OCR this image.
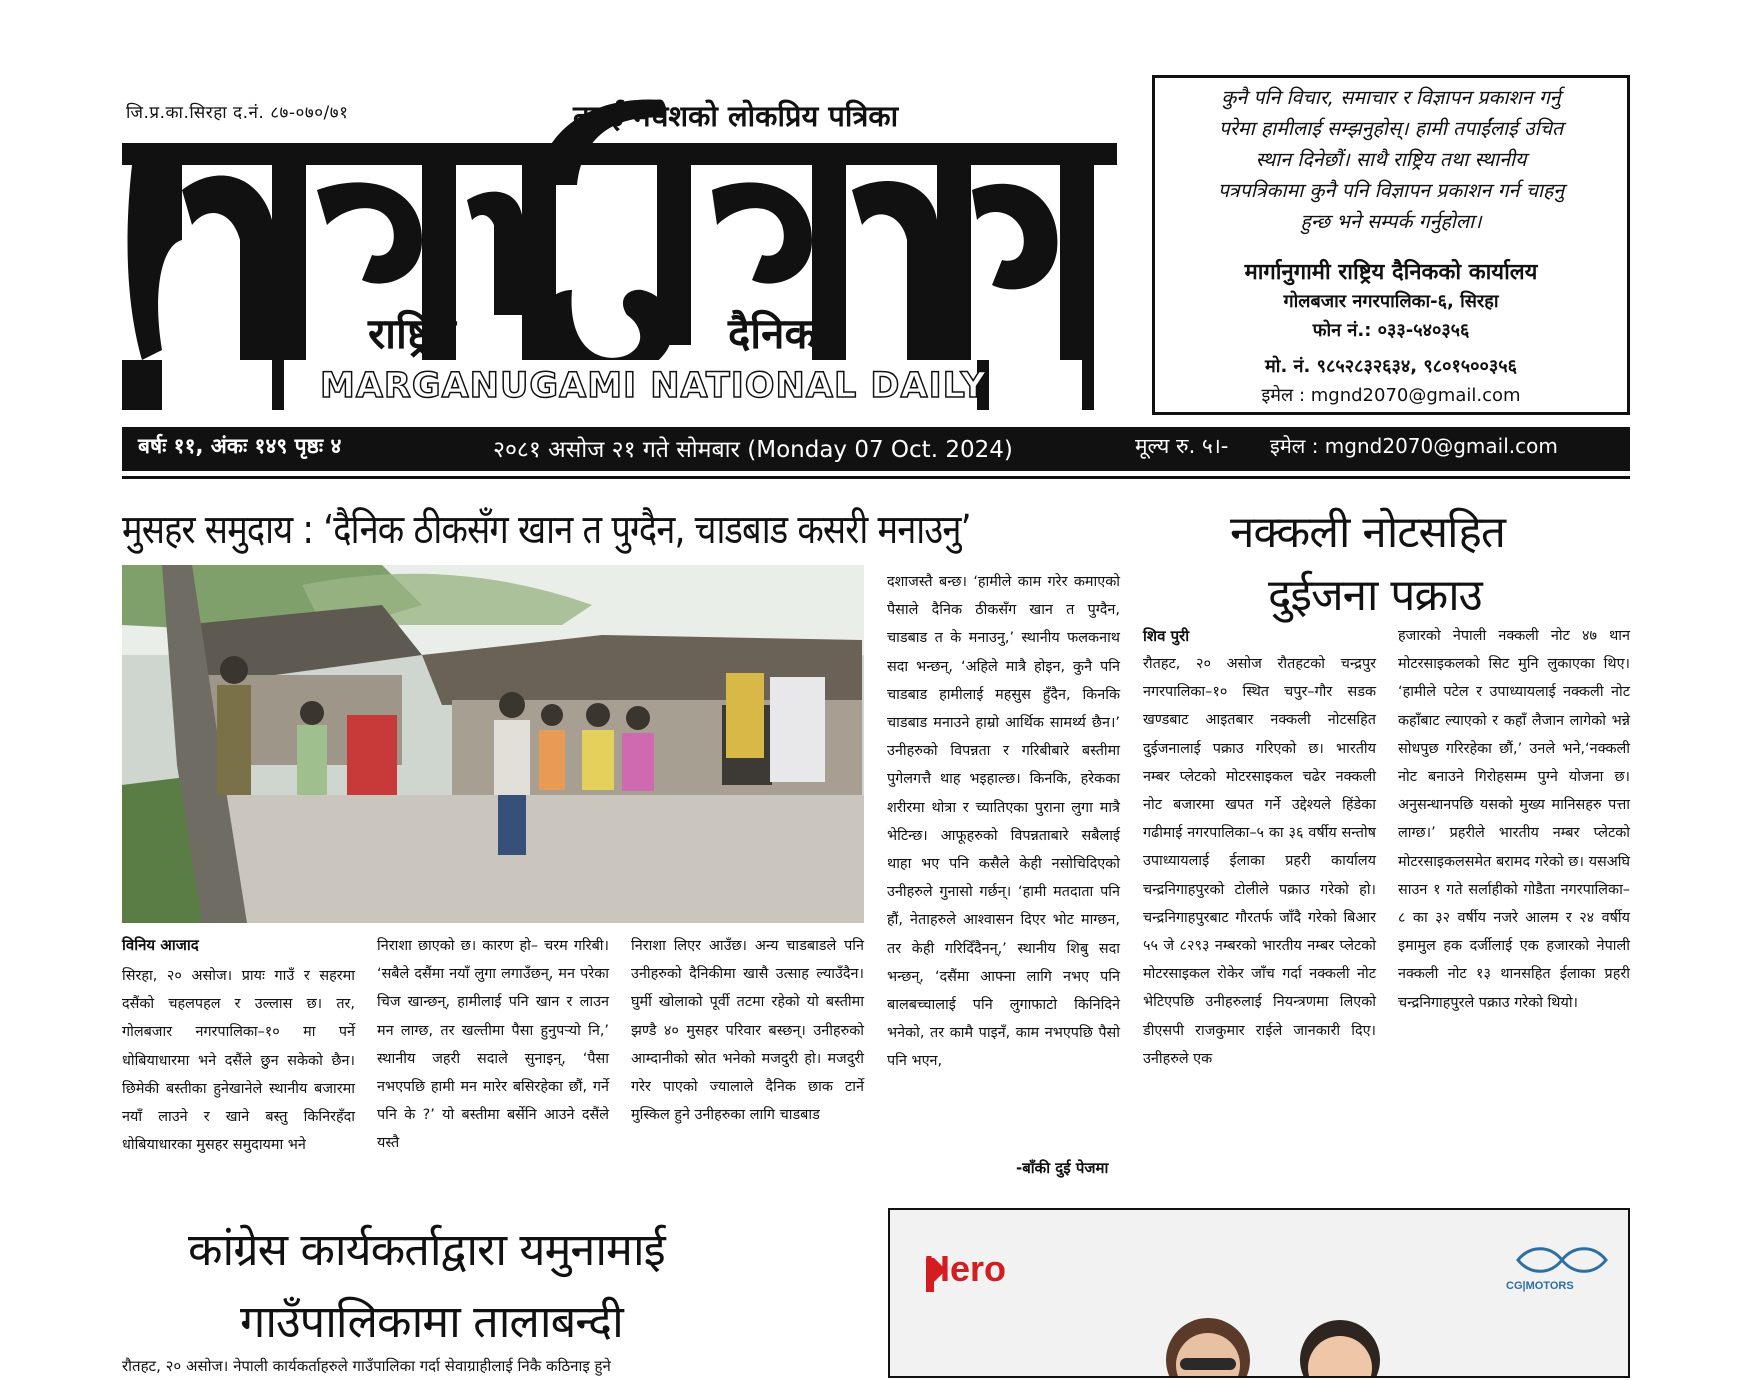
जि.प्र.का.सिरहा द.नं. ८७-०७०/७१	तराई मधेशको लोकप्रिय पत्रिका
राष्ट्रिय	दैनिक
MARGANUGAMI NATIONAL DAILY
कुनै पनि विचार, समाचार र विज्ञापन प्रकाशन गर्नु
परेमा हामीलाई सम्झनुहोस्। हामी तपाईंलाई उचित
स्थान दिनेछौं। साथै राष्ट्रिय तथा स्थानीय
पत्रपत्रिकामा कुनै पनि विज्ञापन प्रकाशन गर्न चाहनु
हुन्छ भने सम्पर्क गर्नुहोला।
मार्गानुगामी राष्ट्रिय दैनिकको कार्यालय
गोलबजार नगरपालिका-६, सिरहा
फोन नं.: ०३३-५४०३५६
मो. नं. ९८५२८३२६३४, ९८०१५००३५६
इमेल : mgnd2070@gmail.com
बर्षः ११, अंकः १४९ पृष्ठः ४	२०८१ असोज २१ गते सोमबार (Monday 07 Oct. 2024)	मूल्य रु. ५।- इमेल : mgnd2070@gmail.com
मुसहर समुदाय : ‘दैनिक ठीकसँग खान त पुग्दैन, चाडबाड कसरी मनाउनु’
विनिय आजाद
सिरहा, २० असोज। प्रायः गाउँ र सहरमा दसैंको चहलपहल र उल्लास छ। तर, गोलबजार नगरपालिका–१० मा पर्ने धोबियाधारमा भने दसैंले छुन सकेको छैन। छिमेकी बस्तीका हुनेखानेले स्थानीय बजारमा नयाँ लाउने र खाने बस्तु किनिरहँदा धोबियाधारका मुसहर समुदायमा भने
निराशा छाएको छ। कारण हो– चरम गरिबी। ‘सबैले दसैंमा नयाँ लुगा लगाउँछन्, मन परेका चिज खान्छन्, हामीलाई पनि खान र लाउन मन लाग्छ, तर खल्तीमा पैसा हुनुपर्‍यो नि,’ स्थानीय जहरी सदाले सुनाइन्, ‘पैसा नभएपछि हामी मन मारेर बसिरहेका छौं, गर्ने पनि के ?’ यो बस्तीमा बर्सेनि आउने दसैंले यस्तै
निराशा लिएर आउँछ। अन्य चाडबाडले पनि उनीहरुको दैनिकीमा खासै उत्साह ल्याउँदैन। घुर्मी खोलाको पूर्वी तटमा रहेको यो बस्तीमा झण्डै ४० मुसहर परिवार बस्छन्। उनीहरुको आम्दानीको स्रोत भनेको मजदुरी हो। मजदुरी गरेर पाएको ज्यालाले दैनिक छाक टार्ने मुस्किल हुने उनीहरुका लागि चाडबाड
दशाजस्तै बन्छ। ‘हामीले काम गरेर कमाएको पैसाले दैनिक ठीकसँग खान त पुग्दैन, चाडबाड त के मनाउनु,’ स्थानीय फलकनाथ सदा भन्छन्, ‘अहिले मात्रै होइन, कुनै पनि चाडबाड हामीलाई महसुस हुँदैन, किनकि चाडबाड मनाउने हाम्रो आर्थिक सामर्थ्य छैन।’ उनीहरुको विपन्नता र गरिबीबारे बस्तीमा पुगेलगत्तै थाह भइहाल्छ। किनकि, हरेकका शरीरमा थोत्रा र च्यातिएका पुराना लुगा मात्रै भेटिन्छ। आफूहरुको विपन्नताबारे सबैलाई थाहा भए पनि कसैले केही नसोचिदिएको उनीहरुले गुनासो गर्छन्। ‘हामी मतदाता पनि हौं, नेताहरुले आश्वासन दिएर भोट माग्छन, तर केही गरिदिँदैनन्,’ स्थानीय शिबु सदा भन्छन्, ‘दसैंमा आफ्ना लागि नभए पनि बालबच्चालाई पनि लुगाफाटो किनिदिने भनेको, तर कामै पाइनँ, काम नभएपछि पैसो पनि भएन,
-बाँकी दुई पेजमा
नक्कली नोटसहित
दुईजना पक्राउ
शिव पुरी
रौतहट, २० असोज रौतहटको चन्द्रपुर नगरपालिका–१० स्थित चपुर–गौर सडक खण्डबाट आइतबार नक्कली नोटसहित दुईजनालाई पक्राउ गरिएको छ। भारतीय नम्बर प्लेटको मोटरसाइकल चढेर नक्कली नोट बजारमा खपत गर्ने उद्देश्यले हिंडेका गढीमाई नगरपालिका–५ का ३६ वर्षीय सन्तोष उपाध्यायलाई ईलाका प्रहरी कार्यालय चन्द्रनिगाहपुरको टोलीले पक्राउ गरेको हो। चन्द्रनिगाहपुरबाट गौरतर्फ जाँदै गरेको बिआर ५५ जे ८२९३ नम्बरको भारतीय नम्बर प्लेटको मोटरसाइकल रोकेर जाँच गर्दा नक्कली नोट भेटिएपछि उनीहरुलाई नियन्त्रणमा लिएको डीएसपी राजकुमार राईले जानकारी दिए। उनीहरुले एक
हजारको नेपाली नक्कली नोट ४७ थान मोटरसाइकलको सिट मुनि लुकाएका थिए। ‘हामीले पटेल र उपाध्यायलाई नक्कली नोट कहाँबाट ल्याएको र कहाँ लैजान लागेको भन्ने सोधपुछ गरिरहेका छौं,’ उनले भने,‘नक्कली नोट बनाउने गिरोहसम्म पुग्ने योजना छ। अनुसन्धानपछि यसको मुख्य मानिसहरु पत्ता लाग्छ।’ प्रहरीले भारतीय नम्बर प्लेटको मोटरसाइकलसमेत बरामद गरेको छ। यसअघि साउन १ गते सर्लाहीको गोडैता नगरपालिका–८ का ३२ वर्षीय नजरे आलम र २४ वर्षीय इमामुल हक दर्जीलाई एक हजारको नेपाली नक्कली नोट १३ थानसहित ईलाका प्रहरी चन्द्रनिगाहपुरले पक्राउ गरेको थियो।
कांग्रेस कार्यकर्ताद्वारा यमुनामाई
गाउँपालिकामा तालाबन्दी
रौतहट, २० असोज। नेपाली कार्यकर्ताहरुले गाउँपालिका गर्दा सेवाग्राहीलाई निकै कठिनाइ हुने
Hero	CG|MOTORS
